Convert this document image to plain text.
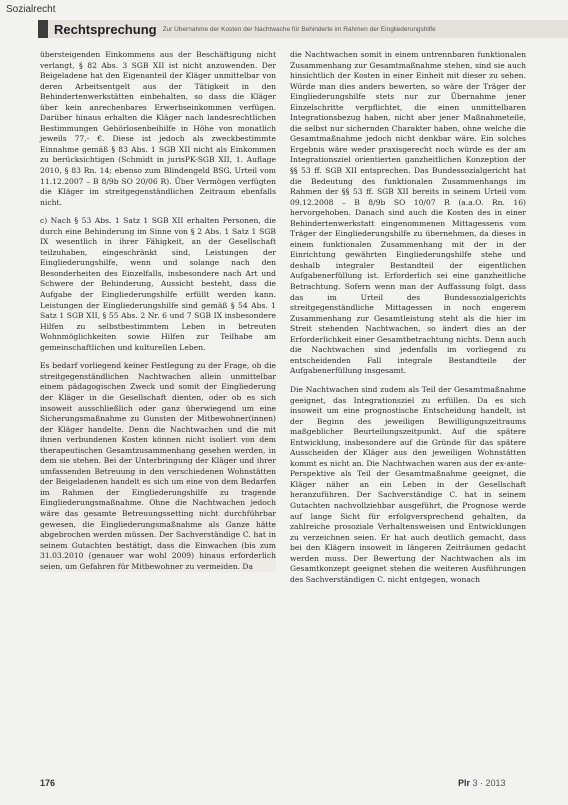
Sozialrecht
Rechtsprechung Zur Übernahme der Kosten der Nachtwache für Behinderte im Rahmen der Eingliederungshilfe

übersteigenden Einkommens aus der Beschäftigung nicht verlangt, § 82 Abs. 3 SGB XII ist nicht anzuwenden. Der Beigeladene hat den Eigenanteil der Kläger unmittelbar von deren Arbeitsentgelt aus der Tätigkeit in den Behindertenwerkstätten einbehalten, so dass die Kläger über kein anrechenbares Erwerbseinkommen verfügen. Darüber hinaus erhalten die Kläger nach landesrechtlichen Bestimmungen Gehörlosenbeihilfe in Höhe von monatlich jeweils 77,- €. Diese ist jedoch als zweckbestimmte Einnahme gemäß § 83 Abs. 1 SGB XII nicht als Einkommen zu berücksichtigen (Schmidt in jurisPK-SGB XII, 1. Auflage 2010, § 83 Rn. 14; ebenso zum Blindengeld BSG, Urteil vom 11.12.2007 – B 8/9b SO 20/06 R). Über Vermögen verfügten die Kläger im streitgegenständlichen Zeitraum ebenfalls nicht.

c) Nach § 53 Abs. 1 Satz 1 SGB XII erhalten Personen, die durch eine Behinderung im Sinne von § 2 Abs. 1 Satz 1 SGB IX wesentlich in ihrer Fähigkeit, an der Gesellschaft teilzuhaben, eingeschränkt sind, Leistungen der Eingliederungshilfe, wenn und solange nach den Besonderheiten des Einzelfalls, insbesondere nach Art und Schwere der Behinderung, Aussicht besteht, dass die Aufgabe der Eingliederungshilfe erfüllt werden kann. Leistungen der Eingliederungshilfe sind gemäß § 54 Abs. 1 Satz 1 SGB XII, § 55 Abs. 2 Nr. 6 und 7 SGB IX insbesondere Hilfen zu selbstbestimmtem Leben in betreuten Wohnmöglichkeiten sowie Hilfen zur Teilhabe am gemeinschaftlichen und kulturellen Leben.

Es bedarf vorliegend keiner Festlegung zu der Frage, ob die streitgegenständlichen Nachtwachen allein unmittelbar einem pädagogischen Zweck und somit der Eingliederung der Kläger in die Gesellschaft dienten, oder ob es sich insoweit ausschließlich oder ganz überwiegend um eine Sicherungsmaßnahme zu Gunsten der Mitbewohner(innen) der Kläger handelte. Denn die Nachtwachen und die mit ihnen verbundenen Kosten können nicht isoliert von dem therapeutischen Gesamtzusammenhang gesehen werden, in dem sie stehen. Bei der Unterbringung der Kläger und ihrer umfassenden Betreuung in den verschiedenen Wohnstätten der Beigeladenen handelt es sich um eine von dem Bedarfen im Rahmen der Eingliederungshilfe zu tragende Eingliederungsmaßnahme. Ohne die Nachtwachen jedoch wäre das gesamte Betreuungssetting nicht durchführbar gewesen, die Eingliederungsmaßnahme als Ganze hätte abgebrochen werden müssen. Der Sachverständige C. hat in seinem Gutachten bestätigt, dass die Einwachen (bis zum 31.03.2010 (genauer war wohl 2009) hinaus erforderlich seien, um Gefahren für Mitbewohner zu vermeiden. Da

die Nachtwachen somit in einem untrennbaren funktionalen Zusammenhang zur Gesamtmaßnahme stehen, sind sie auch hinsichtlich der Kosten in einer Einheit mit dieser zu sehen. Würde man dies anders bewerten, so wäre der Träger der Eingliederungshilfe stets nur zur Übernahme jener Einzelschritte verpflichtet, die einen unmittelbaren Integrationsbezug haben, nicht aber jener Maßnahmeteile, die selbst nur sichernden Charakter haben, ohne welche die Gesamtmaßnahme jedoch nicht denkbar wäre. Ein solches Ergebnis wäre weder praxisgerecht noch würde es der am Integrationsziel orientierten ganzheitlichen Konzeption der §§ 53 ff. SGB XII entsprechen. Das Bundessozialgericht hat die Bedeutung des funktionalen Zusammenhangs im Rahmen der §§ 53 ff. SGB XII bereits in seinem Urteil vom 09.12.2008 – B 8/9b SO 10/07 R (a.a.O. Rn. 16) hervorgehoben. Danach sind auch die Kosten des in einer Behindertenwerkstatt eingenommenen Mittagessens vom Träger der Eingliederungshilfe zu übernehmen, da dieses in einem funktionalen Zusammenhang mit der in der Einrichtung gewährten Eingliederungshilfe stehe und deshalb integraler Bestandteil der eigentlichen Aufgabenerfüllung ist. Erforderlich sei eine ganzheitliche Betrachtung. Sofern wenn man der Auffassung folgt, dass das im Urteil des Bundessozialgerichts streitgegenständliche Mittagessen in noch engerem Zusammenhang zur Gesamtleistung steht als die hier im Streit stehenden Nachtwachen, so ändert dies an der Erforderlichkeit einer Gesamtbetrachtung nichts. Denn auch die Nachtwachen sind jedenfalls im vorliegend zu entscheidenden Fall integrale Bestandteile der Aufgabenerfüllung insgesamt.

Die Nachtwachen sind zudem als Teil der Gesamtmaßnahme geeignet, das Integrationsziel zu erfüllen. Da es sich insoweit um eine prognostische Entscheidung handelt, ist der Beginn des jeweiligen Bewilligungszeitraums maßgeblicher Beurteilungszeitpunkt. Auf die spätere Entwicklung, insbesondere auf die Gründe für das spätere Ausscheiden der Kläger aus den jeweiligen Wohnstätten kommt es nicht an. Die Nachtwachen waren aus der ex-ante-Perspektive als Teil der Gesamtmaßnahme geeignet, die Kläger näher an ein Leben in der Gesellschaft heranzuführen. Der Sachverständige C. hat in seinem Gutachten nachvollziehbar ausgeführt, die Prognose werde auf lange Sicht für erfolgversprechend gehalten, da zahlreiche prosoziale Verhaltensweisen und Entwicklungen zu verzeichnen seien. Er hat auch deutlich gemacht, dass bei den Klägern insoweit in längeren Zeiträumen gedacht werden muss. Der Bewertung der Nachtwachen als im Gesamtkonzept geeignet stehen die weiteren Ausführungen des Sachverständigen C. nicht entgegen, wonach

176	Plr 3 · 2013
